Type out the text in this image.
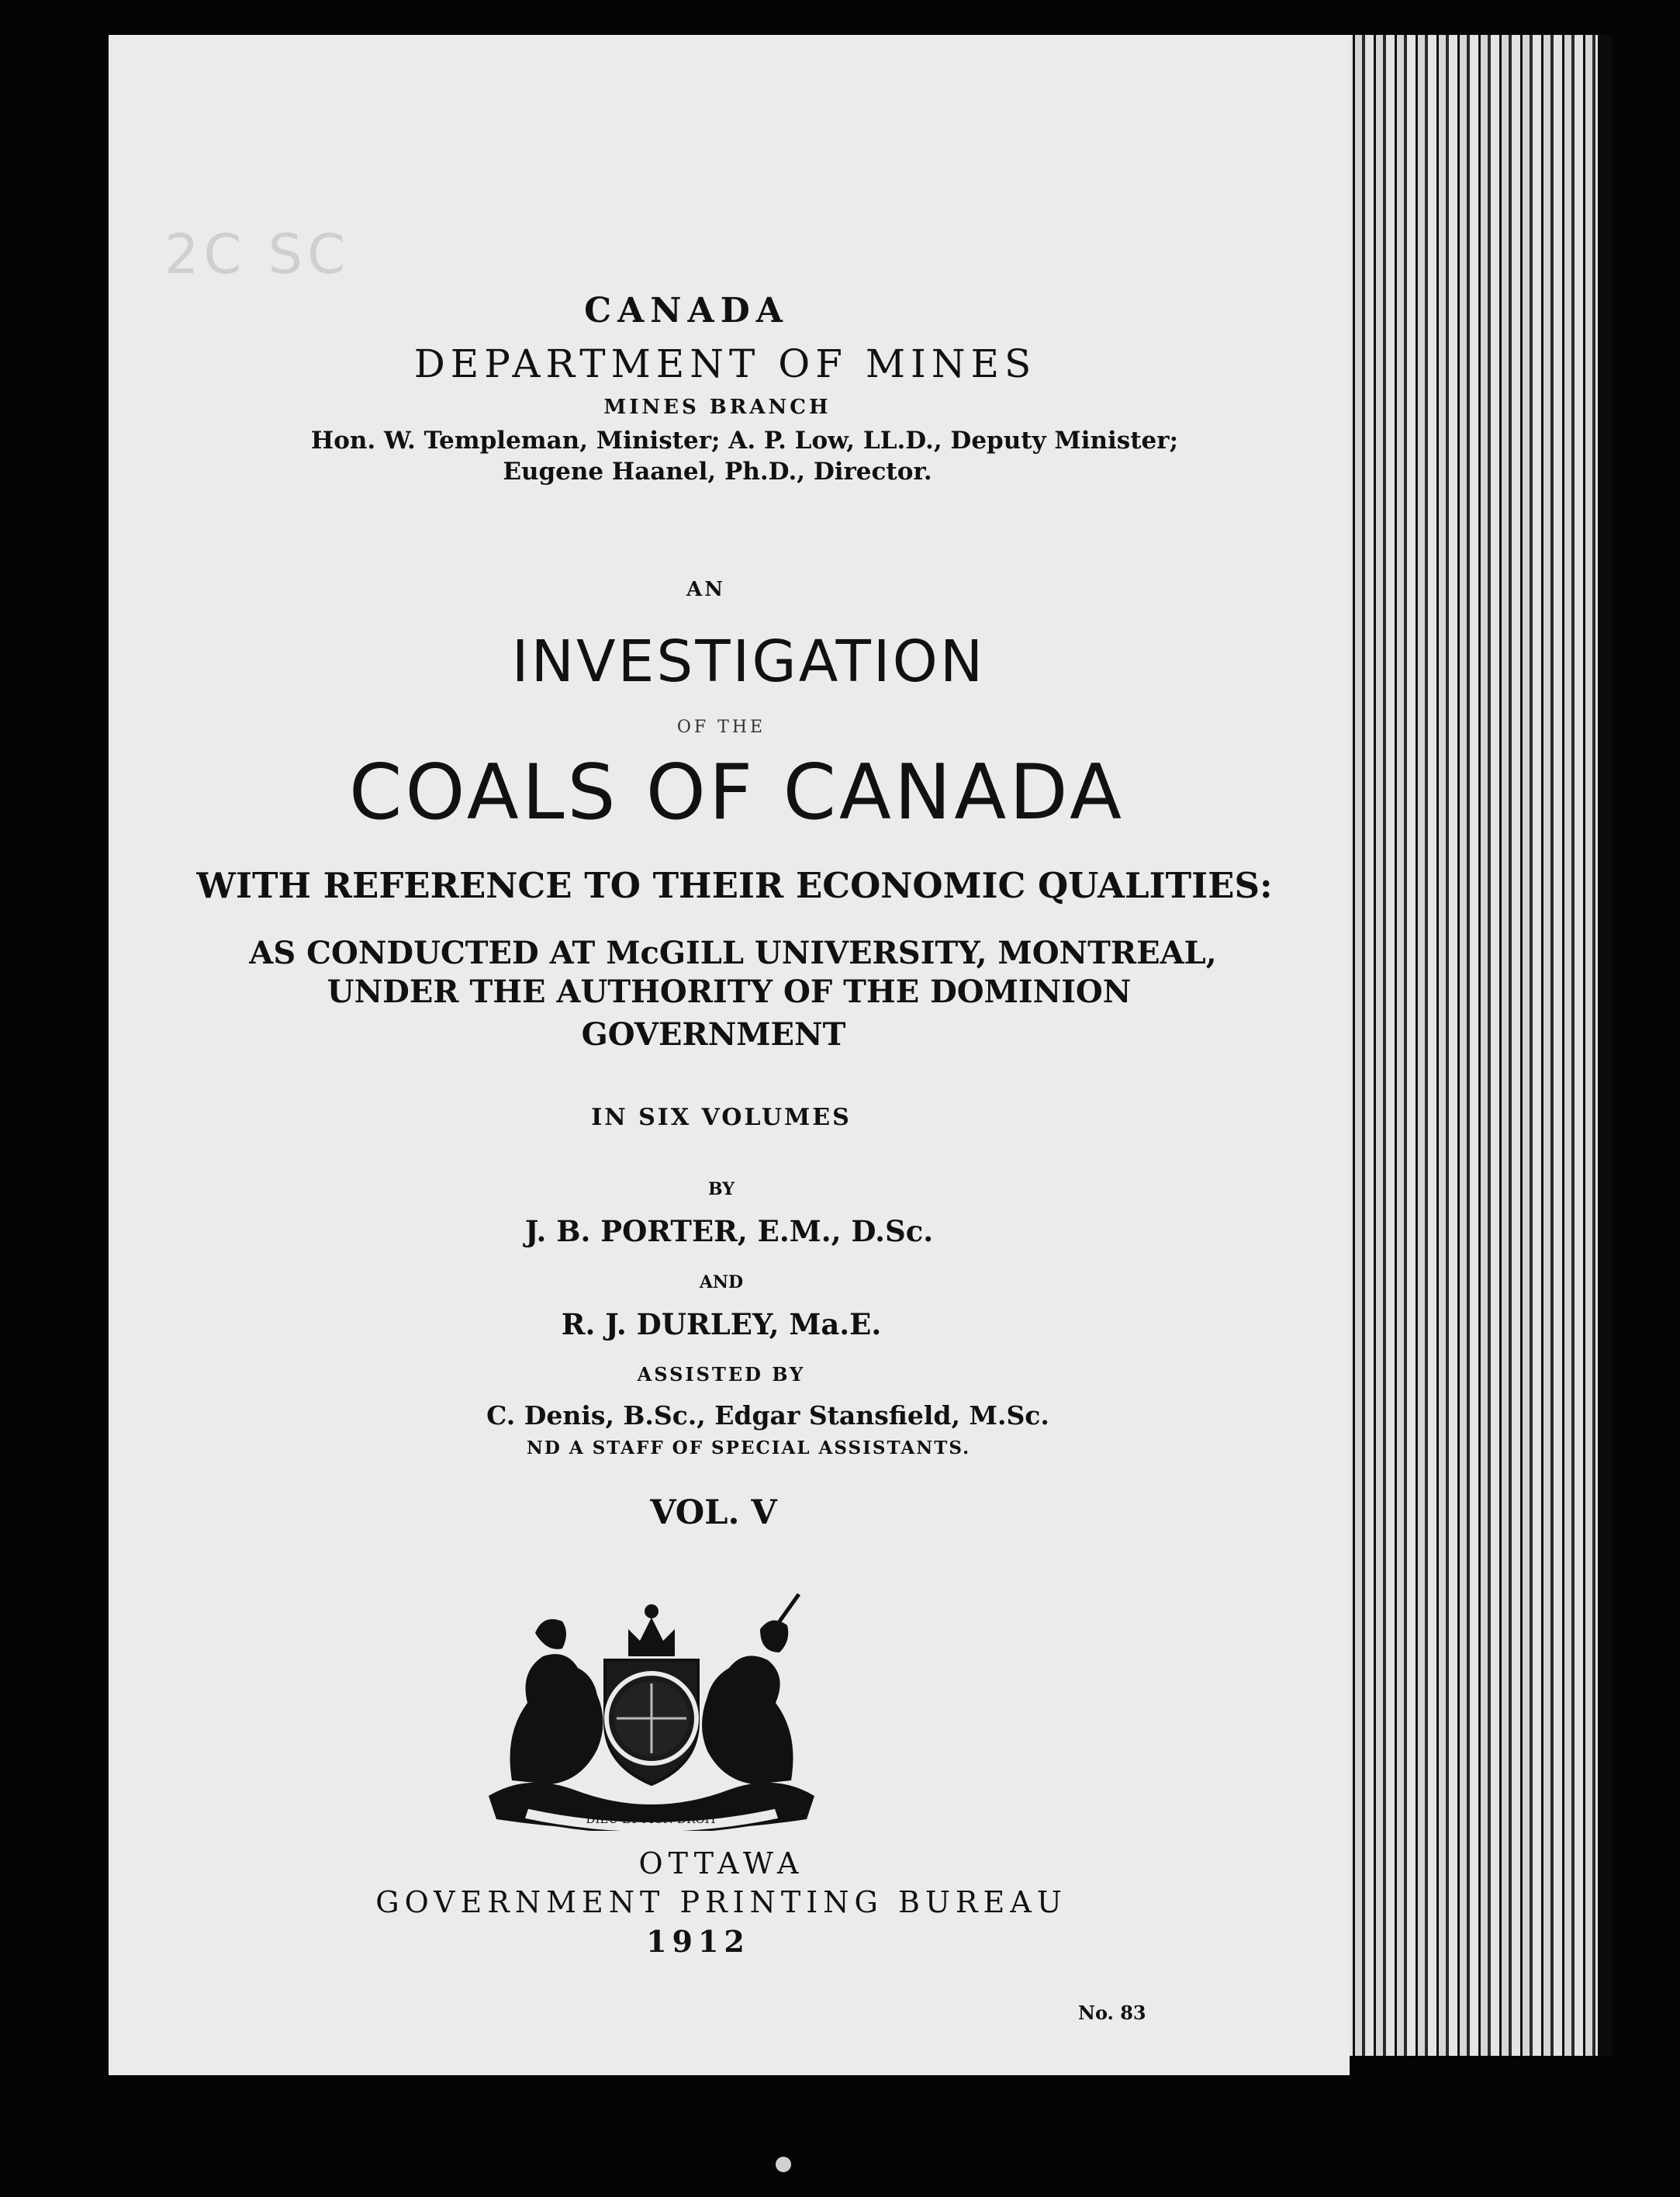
2C SC
CANADA
DEPARTMENT OF MINES
MINES BRANCH
Hon. W. Templeman, Minister; A. P. Low, LL.D., Deputy Minister;
Eugene Haanel, Ph.D., Director.
AN
INVESTIGATION
OF THE
COALS OF CANADA
WITH REFERENCE TO THEIR ECONOMIC QUALITIES:
AS CONDUCTED AT McGILL UNIVERSITY, MONTREAL,
UNDER THE AUTHORITY OF THE DOMINION
GOVERNMENT
IN SIX VOLUMES
BY
J. B. PORTER, E.M., D.Sc.
AND
R. J. DURLEY, Ma.E.
ASSISTED BY
C. Denis, B.Sc., Edgar Stansfield, M.Sc.
ND A STAFF OF SPECIAL ASSISTANTS.
VOL. V
DIEU ET MON DROIT
OTTAWA
GOVERNMENT PRINTING BUREAU
1912
No. 83
